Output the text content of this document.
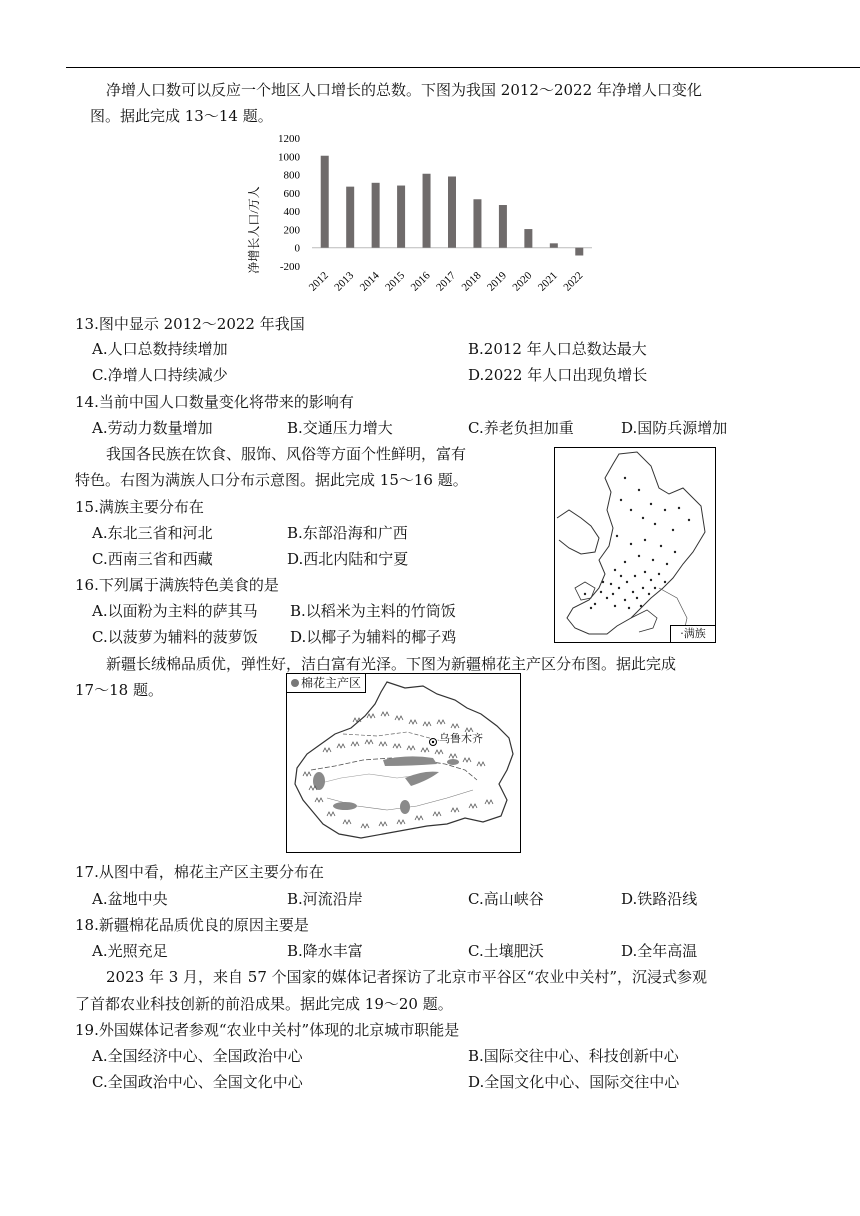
净增人口数可以反应一个地区人口增长的总数。下图为我国 2012～2022 年净增人口变化
图。据此完成 13～14 题。
净增长人口/万人
1200
1000
800
600
400
200
0
-200
2012 2013 2014 2015 2016 2017 2018 2019 2020 2021 2022
13.图中显示 2012～2022 年我国
A.人口总数持续增加	B.2012 年人口总数达最大
C.净增人口持续减少	D.2022 年人口出现负增长
14.当前中国人口数量变化将带来的影响有
A.劳动力数量增加	B.交通压力增大	C.养老负担加重	D.国防兵源增加
我国各民族在饮食、服饰、风俗等方面个性鲜明，富有
特色。右图为满族人口分布示意图。据此完成 15～16 题。
·满族
15.满族主要分布在
A.东北三省和河北	B.东部沿海和广西
C.西南三省和西藏	D.西北内陆和宁夏
16.下列属于满族特色美食的是
A.以面粉为主料的萨其马 B.以稻米为主料的竹筒饭
C.以菠萝为辅料的菠萝饭 D.以椰子为辅料的椰子鸡
新疆长绒棉品质优，弹性好，洁白富有光泽。下图为新疆棉花主产区分布图。据此完成
17～18 题。	棉花主产区
乌鲁木齐
17.从图中看，棉花主产区主要分布在
A.盆地中央	B.河流沿岸	C.高山峡谷	D.铁路沿线
18.新疆棉花品质优良的原因主要是
A.光照充足	B.降水丰富	C.土壤肥沃	D.全年高温
2023 年 3 月，来自 57 个国家的媒体记者探访了北京市平谷区“农业中关村”，沉浸式参观
了首都农业科技创新的前沿成果。据此完成 19～20 题。
19.外国媒体记者参观“农业中关村”体现的北京城市职能是
A.全国经济中心、全国政治中心	B.国际交往中心、科技创新中心
C.全国政治中心、全国文化中心	D.全国文化中心、国际交往中心
